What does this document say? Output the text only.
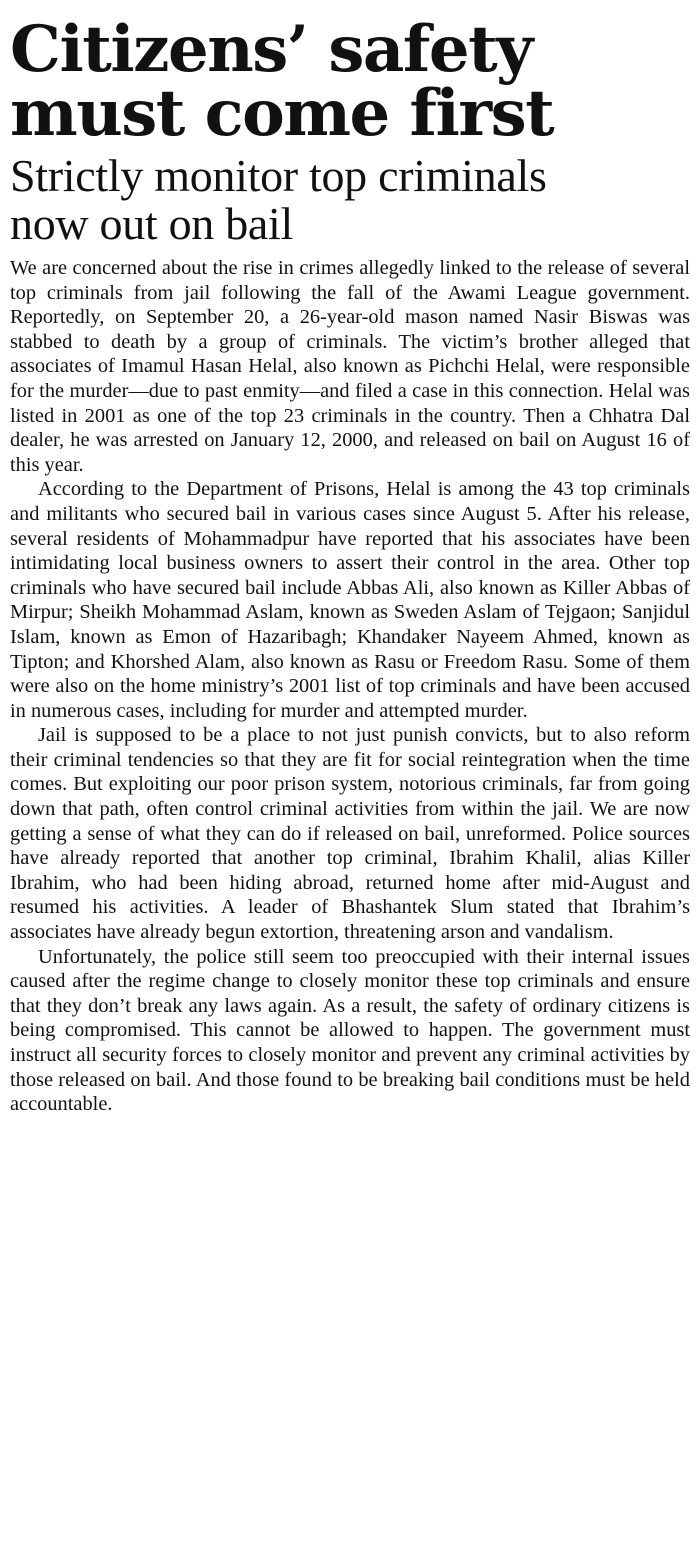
Citizens’ safety
must come first
Strictly monitor top criminals
now out on bail

We are concerned about the rise in crimes allegedly linked to the release of several top criminals from jail following the fall of the Awami League government. Reportedly, on September 20, a 26-year-old mason named Nasir Biswas was stabbed to death by a group of criminals. The victim’s brother alleged that associates of Imamul Hasan Helal, also known as Pichchi Helal, were responsible for the murder—due to past enmity—and filed a case in this connection. Helal was listed in 2001 as one of the top 23 criminals in the country. Then a Chhatra Dal dealer, he was arrested on January 12, 2000, and released on bail on August 16 of this year.

According to the Department of Prisons, Helal is among the 43 top criminals and militants who secured bail in various cases since August 5. After his release, several residents of Mohammadpur have reported that his associates have been intimidating local business owners to assert their control in the area. Other top criminals who have secured bail include Abbas Ali, also known as Killer Abbas of Mirpur; Sheikh Mohammad Aslam, known as Sweden Aslam of Tejgaon; Sanjidul Islam, known as Emon of Hazaribagh; Khandaker Nayeem Ahmed, known as Tipton; and Khorshed Alam, also known as Rasu or Freedom Rasu. Some of them were also on the home ministry’s 2001 list of top criminals and have been accused in numerous cases, including for murder and attempted murder.

Jail is supposed to be a place to not just punish convicts, but to also reform their criminal tendencies so that they are fit for social reintegration when the time comes. But exploiting our poor prison system, notorious criminals, far from going down that path, often control criminal activities from within the jail. We are now getting a sense of what they can do if released on bail, unreformed. Police sources have already reported that another top criminal, Ibrahim Khalil, alias Killer Ibrahim, who had been hiding abroad, returned home after mid-August and resumed his activities. A leader of Bhashantek Slum stated that Ibrahim’s associates have already begun extortion, threatening arson and vandalism.

Unfortunately, the police still seem too preoccupied with their internal issues caused after the regime change to closely monitor these top criminals and ensure that they don’t break any laws again. As a result, the safety of ordinary citizens is being compromised. This cannot be allowed to happen. The government must instruct all security forces to closely monitor and prevent any criminal activities by those released on bail. And those found to be breaking bail conditions must be held accountable.
